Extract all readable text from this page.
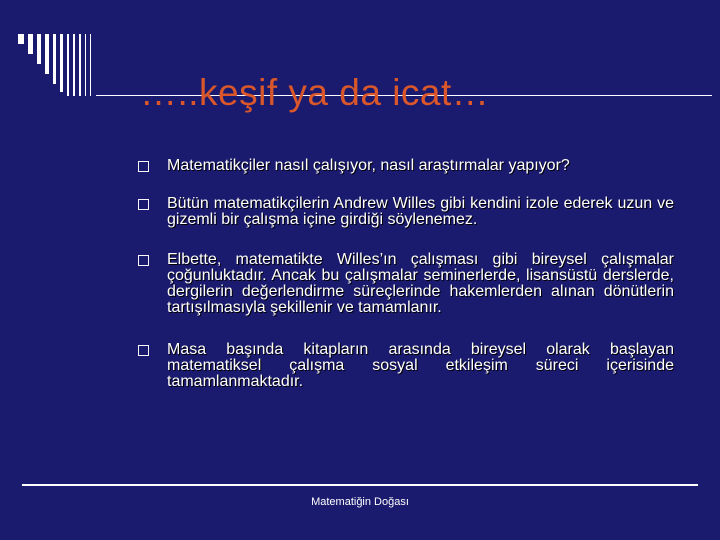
…..keşif ya da icat…
Matematikçiler nasıl çalışıyor, nasıl araştırmalar yapıyor?
Bütün matematikçilerin Andrew Willes gibi kendini izole ederek uzun ve gizemli bir çalışma içine girdiği söylenemez.
Elbette, matematikte Willes’ın çalışması gibi bireysel çalışmalar çoğunluktadır. Ancak bu çalışmalar seminerlerde, lisansüstü derslerde, dergilerin değerlendirme süreçlerinde hakemlerden alınan dönütlerin tartışılmasıyla şekillenir ve tamamlanır.
Masa başında kitapların arasında bireysel olarak başlayan matematiksel çalışma sosyal etkileşim süreci içerisinde tamamlanmaktadır.
Matematiğin Doğası
